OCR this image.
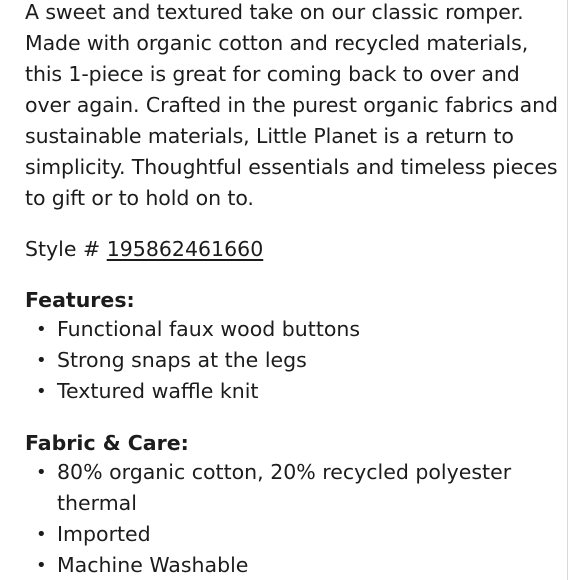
A sweet and textured take on our classic romper. Made with organic cotton and recycled materials, this 1-piece is great for coming back to over and over again. Crafted in the purest organic fabrics and sustainable materials, Little Planet is a return to simplicity. Thoughtful essentials and timeless pieces to gift or to hold on to.

Style # 195862461660

Features:
• Functional faux wood buttons
• Strong snaps at the legs
• Textured waffle knit
Fabric & Care:
• 80% organic cotton, 20% recycled polyester thermal
• Imported
• Machine Washable
